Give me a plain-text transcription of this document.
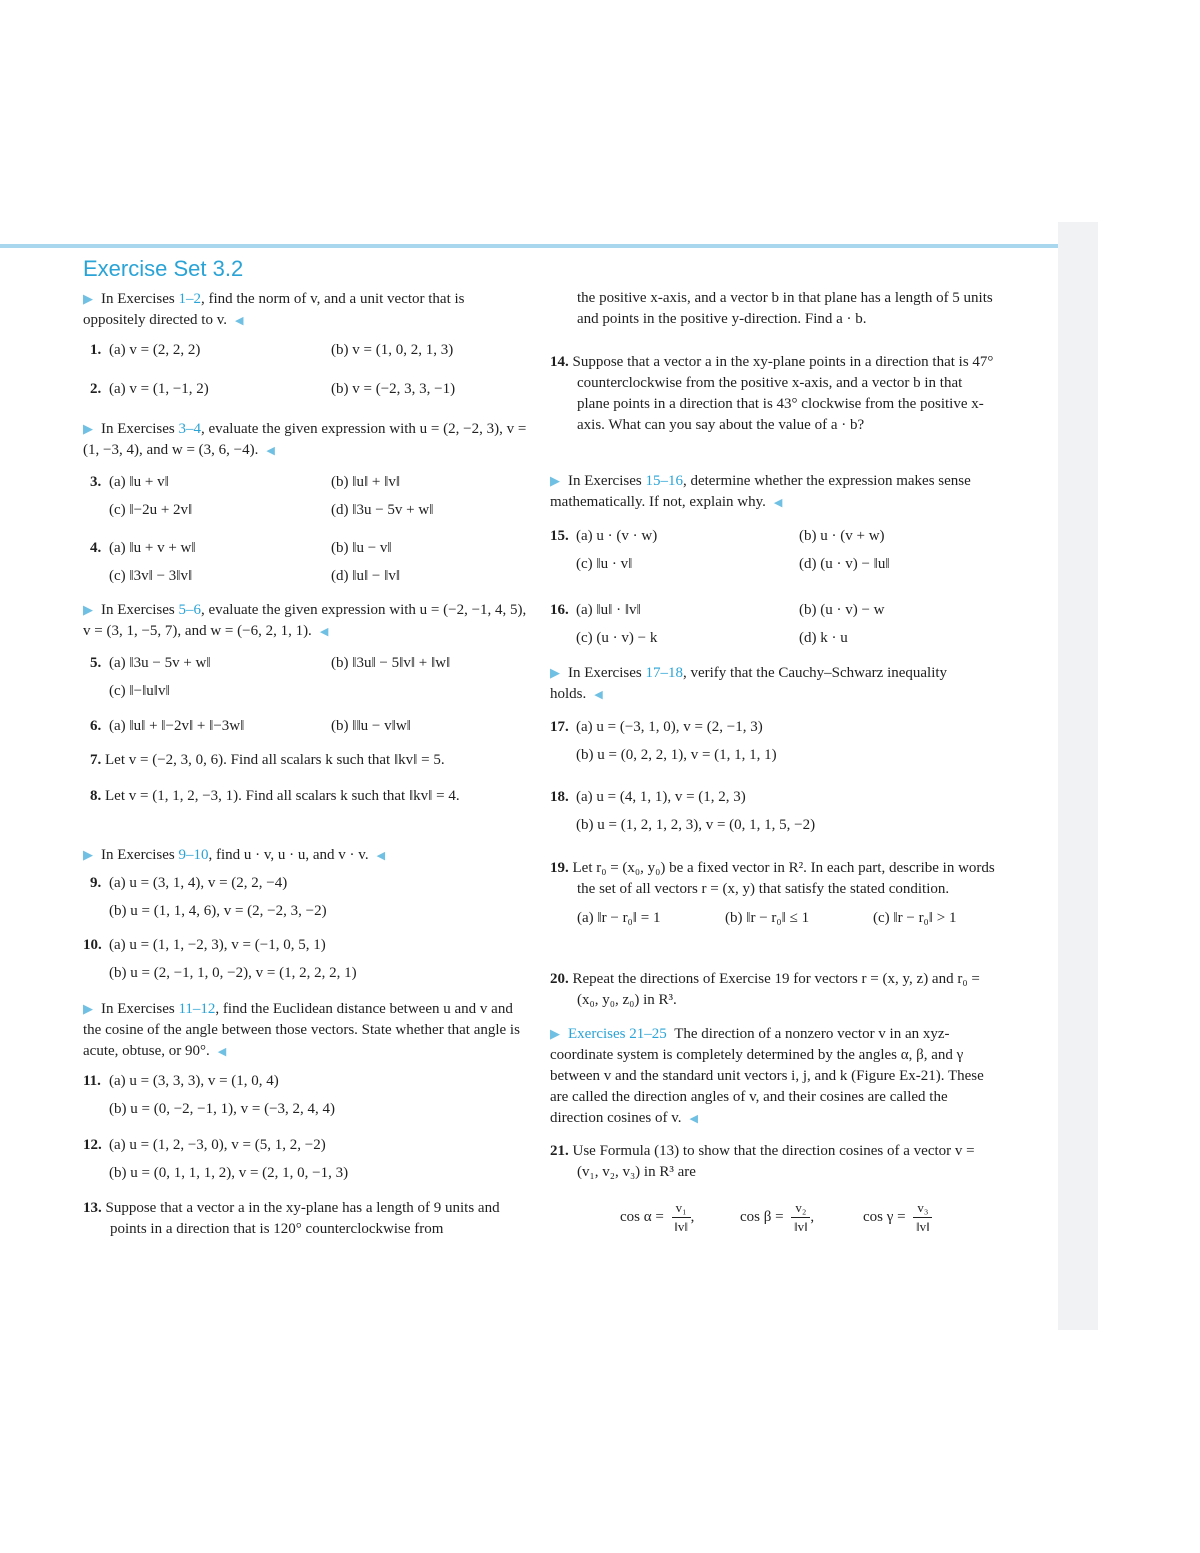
Exercise Set 3.2
▶ In Exercises 1–2, find the norm of v, and a unit vector that is oppositely directed to v. ◀
1. (a) v = (2, 2, 2)	(b) v = (1, 0, 2, 1, 3)
2. (a) v = (1, −1, 2)	(b) v = (−2, 3, 3, −1)
▶ In Exercises 3–4, evaluate the given expression with u = (2, −2, 3), v = (1, −3, 4), and w = (3, 6, −4). ◀
3. (a) ‖u + v‖	(b) ‖u‖ + ‖v‖
(c) ‖−2u + 2v‖	(d) ‖3u − 5v + w‖
4. (a) ‖u + v + w‖	(b) ‖u − v‖
(c) ‖3v‖ − 3‖v‖	(d) ‖u‖ − ‖v‖
▶ In Exercises 5–6, evaluate the given expression with u = (−2, −1, 4, 5), v = (3, 1, −5, 7), and w = (−6, 2, 1, 1). ◀
5. (a) ‖3u − 5v + w‖	(b) ‖3u‖ − 5‖v‖ + ‖w‖
(c) ‖−‖u‖v‖
6. (a) ‖u‖ + ‖−2v‖ + ‖−3w‖	(b) ‖‖u − v‖w‖
7. Let v = (−2, 3, 0, 6). Find all scalars k such that ‖kv‖ = 5.
8. Let v = (1, 1, 2, −3, 1). Find all scalars k such that ‖kv‖ = 4.
▶ In Exercises 9–10, find u · v, u · u, and v · v. ◀
9. (a) u = (3, 1, 4), v = (2, 2, −4)
(b) u = (1, 1, 4, 6), v = (2, −2, 3, −2)
10. (a) u = (1, 1, −2, 3), v = (−1, 0, 5, 1)
(b) u = (2, −1, 1, 0, −2), v = (1, 2, 2, 2, 1)
▶ In Exercises 11–12, find the Euclidean distance between u and v and the cosine of the angle between those vectors. State whether that angle is acute, obtuse, or 90°. ◀
11. (a) u = (3, 3, 3), v = (1, 0, 4)
(b) u = (0, −2, −1, 1), v = (−3, 2, 4, 4)
12. (a) u = (1, 2, −3, 0), v = (5, 1, 2, −2)
(b) u = (0, 1, 1, 1, 2), v = (2, 1, 0, −1, 3)
13. Suppose that a vector a in the xy-plane has a length of 9 units and points in a direction that is 120° counterclockwise from
the positive x-axis, and a vector b in that plane has a length of 5 units and points in the positive y-direction. Find a · b.
14. Suppose that a vector a in the xy-plane points in a direction that is 47° counterclockwise from the positive x-axis, and a vector b in that plane points in a direction that is 43° clockwise from the positive x-axis. What can you say about the value of a · b?
▶ In Exercises 15–16, determine whether the expression makes sense mathematically. If not, explain why. ◀
15. (a) u · (v · w)	(b) u · (v + w)
(c) ‖u · v‖	(d) (u · v) − ‖u‖
16. (a) ‖u‖ · ‖v‖	(b) (u · v) − w
(c) (u · v) − k	(d) k · u
▶ In Exercises 17–18, verify that the Cauchy–Schwarz inequality holds. ◀
17. (a) u = (−3, 1, 0), v = (2, −1, 3)
(b) u = (0, 2, 2, 1), v = (1, 1, 1, 1)
18. (a) u = (4, 1, 1), v = (1, 2, 3)
(b) u = (1, 2, 1, 2, 3), v = (0, 1, 1, 5, −2)
19. Let r₀ = (x₀, y₀) be a fixed vector in R². In each part, describe in words the set of all vectors r = (x, y) that satisfy the stated condition.
(a) ‖r − r₀‖ = 1	(b) ‖r − r₀‖ ≤ 1	(c) ‖r − r₀‖ > 1
20. Repeat the directions of Exercise 19 for vectors r = (x, y, z) and r₀ = (x₀, y₀, z₀) in R³.
▶ Exercises 21–25 The direction of a nonzero vector v in an xyz-coordinate system is completely determined by the angles α, β, and γ between v and the standard unit vectors i, j, and k (Figure Ex-21). These are called the direction angles of v, and their cosines are called the direction cosines of v. ◀
21. Use Formula (13) to show that the direction cosines of a vector v = (v₁, v₂, v₃) in R³ are
$\cos \alpha = \frac{\text{v₁}}{‖v‖}$ ,	$\cos \beta = \frac{\text{v₂}}{‖v‖}$ ,	$\cos \gamma = \frac{\text{v₃}}{‖v‖}$
